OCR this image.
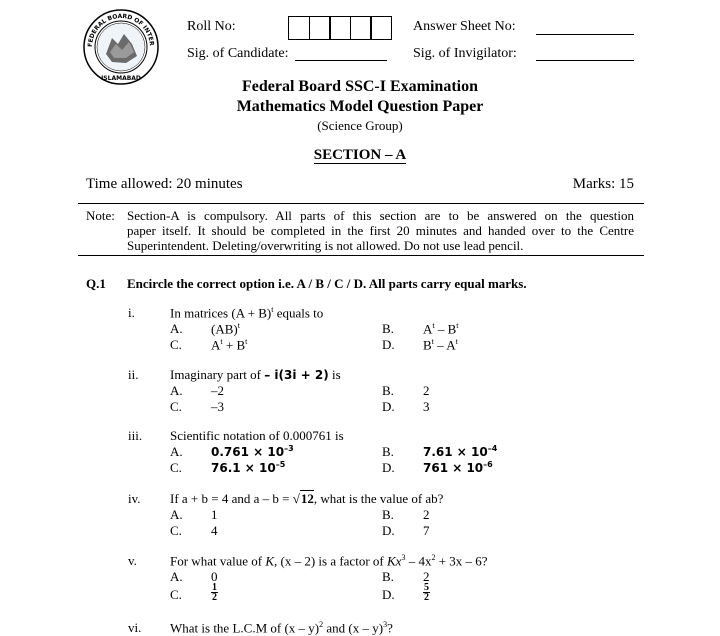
FEDERAL BOARD OF INTER
ISLAMABAD
Roll No:	Answer Sheet No:
Sig. of Candidate:	Sig. of Invigilator:
Federal Board SSC-I Examination
Mathematics Model Question Paper
(Science Group)
SECTION – A
Time allowed: 20 minutes	Marks: 15
Note: Section-A is compulsory. All parts of this section are to be answered on the question
paper itself. It should be completed in the first 20 minutes and handed over to the Centre
Superintendent. Deleting/overwriting is not allowed. Do not use lead pencil.
Q.1 Encircle the correct option i.e. A / B / C / D. All parts carry equal marks.
i.	In matrices $(A + B)^t$ equals to
A. (AB)$^t$	B. $A^t - B^t$
C. $A^t + B^t$	D. $B^t - A^t$
ii. Imaginary part of – i(3i + 2) is
A. –2	B. 2
C. –3	D. 3
iii. Scientific notation of 0.000761 is
A. $0.761 \times 10^{-3}$	B. $7.61 \times 10^{-4}$
C. $76.1 \times 10^{-5}$	D. $761 \times 10^{-6}$
iv. If a + b = 4 and a – b = √12, what is the value of ab?
A. 1	B. 2
C. 4	D. 7
v.	For what value of K, (x – 2) is a factor of $Kx^3 - 4x^2 + 3x - 6$?
A. 0	B. 2
C.	$\frac{1}{2}$	D.	$\frac{5}{2}$
vi. What is the L.C.M of (x – y)$^2$ and (x – y)$^3$?
